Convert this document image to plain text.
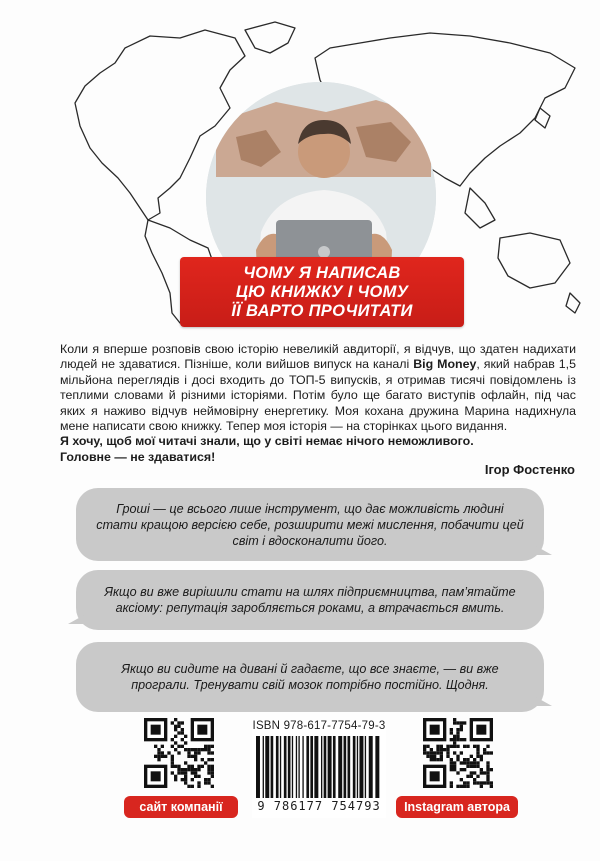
ЧОМУ Я НАПИСАВ
ЦЮ КНИЖКУ І ЧОМУ
ЇЇ ВАРТО ПРОЧИТАТИ

Коли я вперше розповів свою історію невеликій авдиторії, я відчув, що здатен надихати людей не здаватися. Пізніше, коли вийшов випуск на каналі Big Money, який набрав 1,5 мільйона переглядів і досі входить до ТОП-5 випусків, я отримав тисячі повідомлень із теплими словами й різними історіями. Потім було ще багато виступів офлайн, під час яких я наживо відчув неймовірну енергетику. Моя кохана дружина Марина надихнула мене написати свою книжку. Тепер моя історія — на сторінках цього видання.

Я хочу, щоб мої читачі знали, що у світі немає нічого неможливого.

Головне — не здаватися!

Ігор Фостенко
Гроші — це всього лише інструмент, що дає можливість людині стати кращою версією себе, розширити межі мислення, побачити цей світ і вдосконалити його.
Якщо ви вже вирішили стати на шлях підприємництва, пам’ятайте аксіому: репутація заробляється роками, а втрачається вмить.
Якщо ви сидите на дивані й гадаєте, що все знаєте, — ви вже програли. Тренувати свій мозок потрібно постійно. Щодня.
сайт компанії	Instagram автора
ISBN 978-617-7754-79-3
9 786177 754793
